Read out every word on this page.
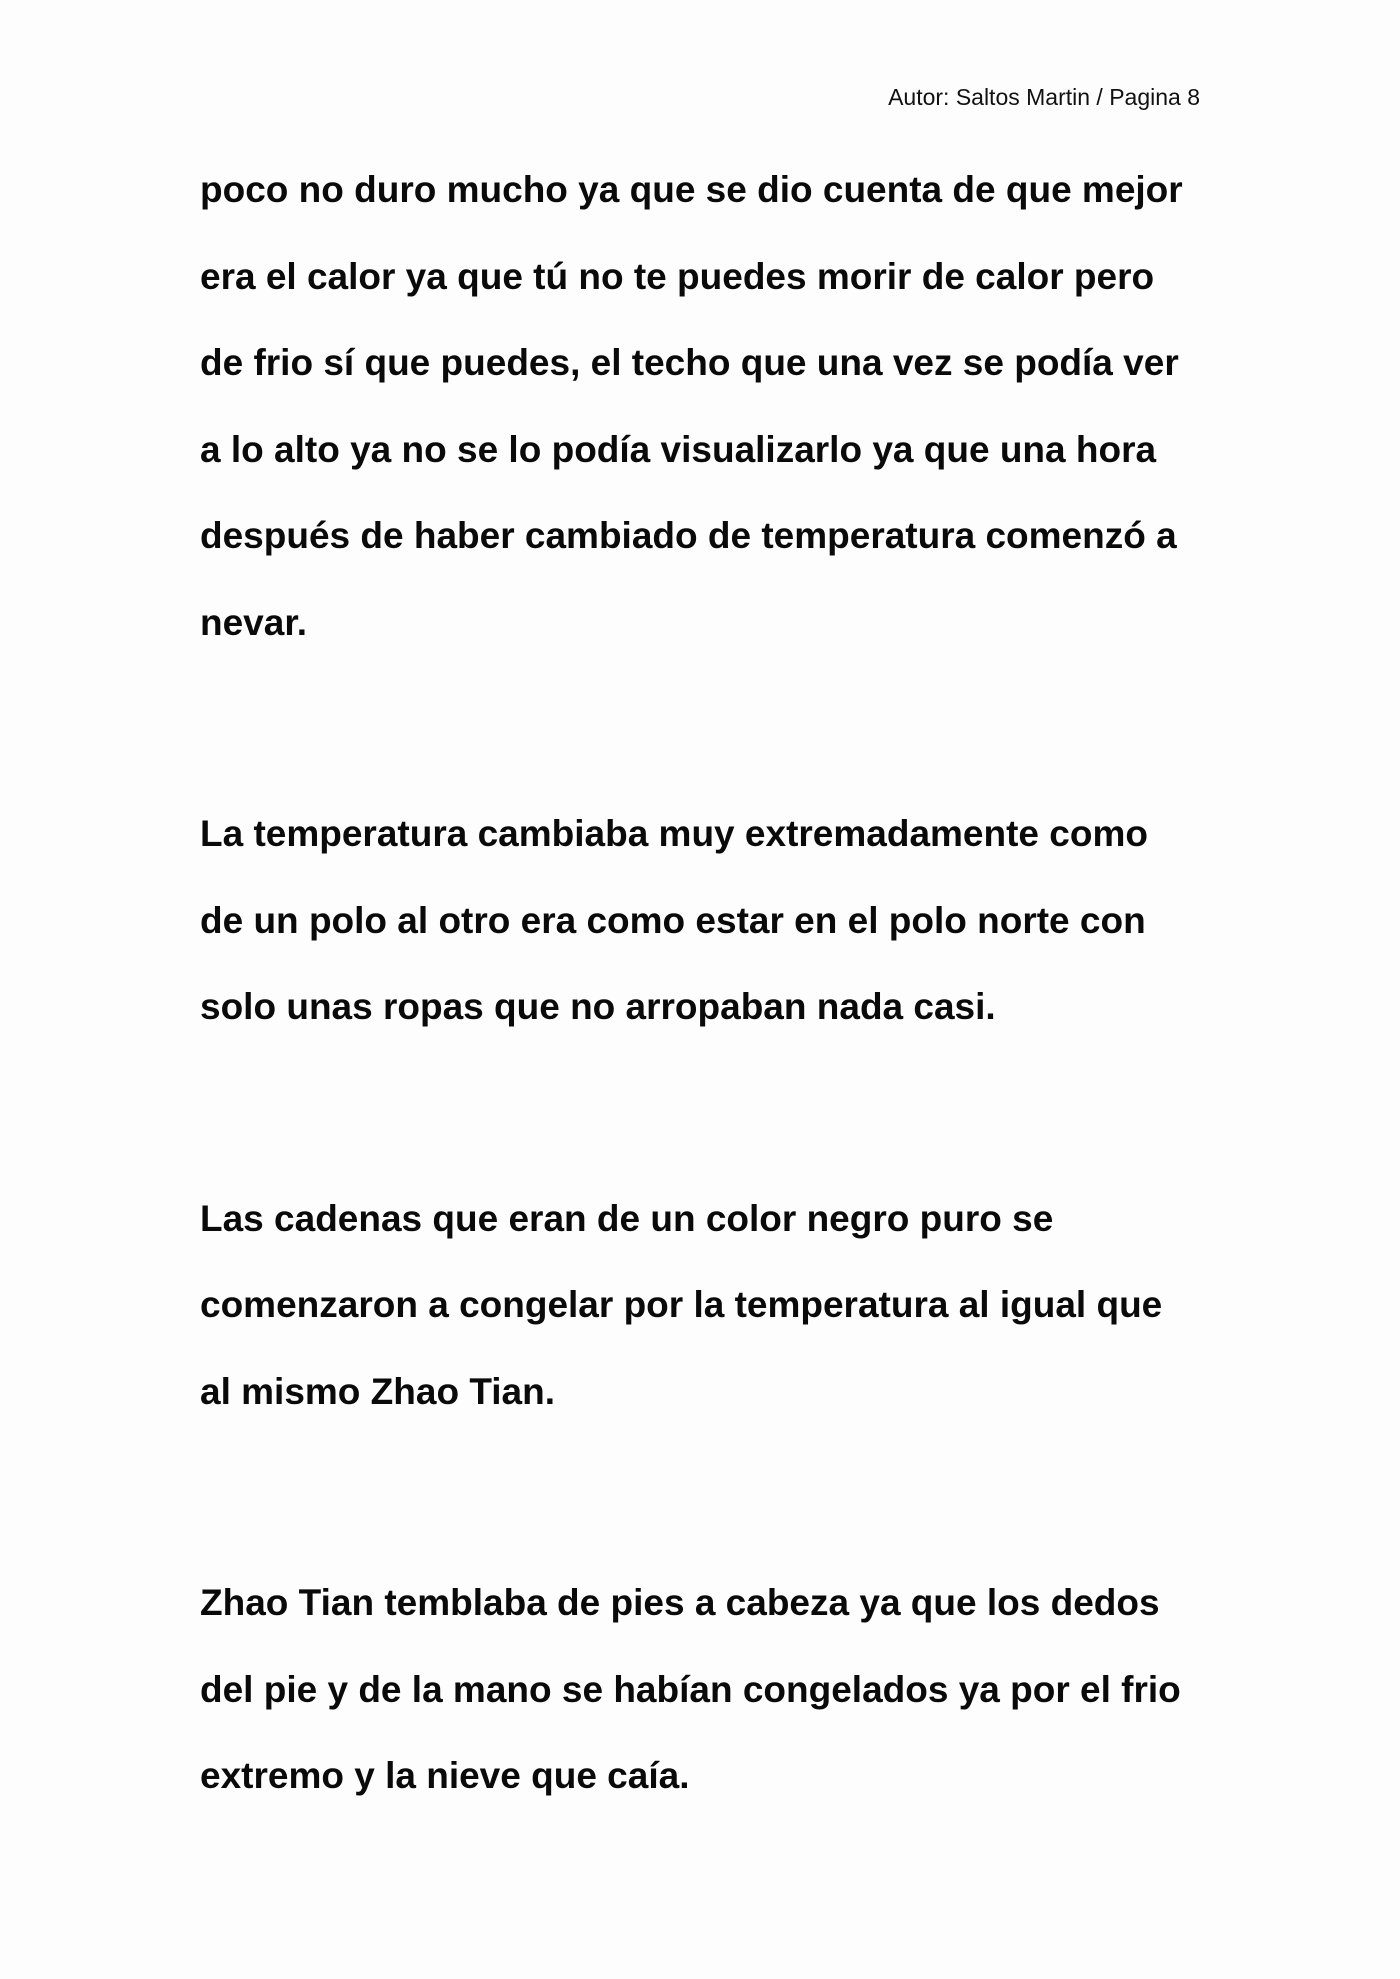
Autor: Saltos Martin / Pagina 8
poco no duro mucho ya que se dio cuenta de que mejor
era el calor ya que tú no te puedes morir de calor pero
de frio sí que puedes, el techo que una vez se podía ver
a lo alto ya no se lo podía visualizarlo ya que una hora
después de haber cambiado de temperatura comenzó a
nevar.
La temperatura cambiaba muy extremadamente como
de un polo al otro era como estar en el polo norte con
solo unas ropas que no arropaban nada casi.
Las cadenas que eran de un color negro puro se
comenzaron a congelar por la temperatura al igual que
al mismo Zhao Tian.
Zhao Tian temblaba de pies a cabeza ya que los dedos
del pie y de la mano se habían congelados ya por el frio
extremo y la nieve que caía.
